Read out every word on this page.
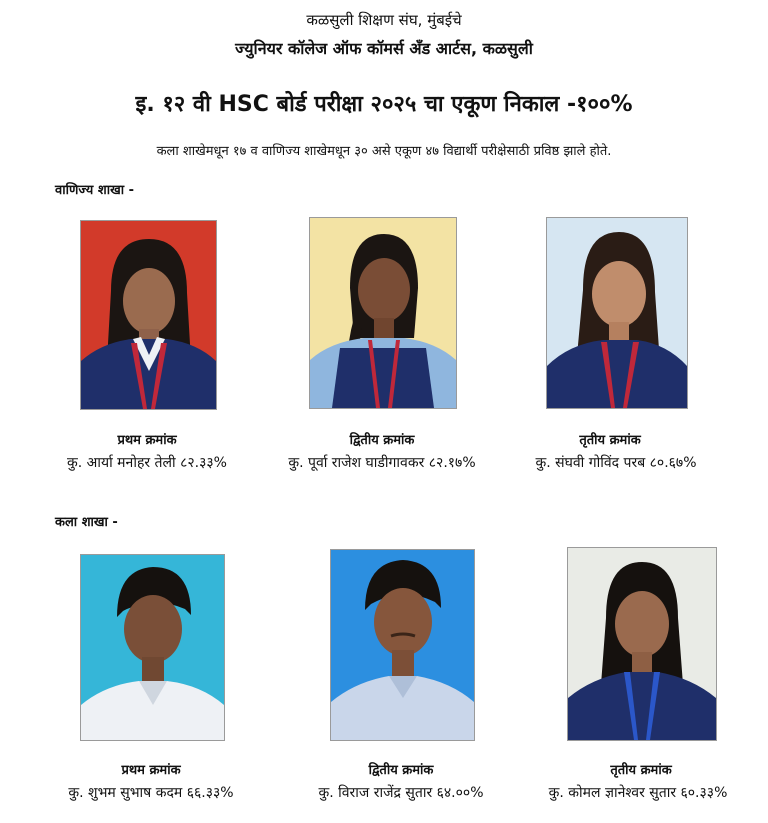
कळसुली शिक्षण संघ, मुंबईचे
ज्युनियर कॉलेज ऑफ कॉमर्स अँड आर्टस, कळसुली
इ. १२ वी HSC बोर्ड परीक्षा २०२५ चा एकूण निकाल -१००%
कला शाखेमधून १७ व वाणिज्य शाखेमधून ३० असे एकूण ४७ विद्यार्थी परीक्षेसाठी प्रविष्ठ झाले होते.
वाणिज्य शाखा -
प्रथम क्रमांक
कु. आर्या मनोहर तेली ८२.३३%
द्वितीय क्रमांक
कु. पूर्वा राजेश घाडीगावकर ८२.१७%
तृतीय क्रमांक
कु. संघवी गोविंद परब ८०.६७%
कला शाखा -
प्रथम क्रमांक
कु. शुभम सुभाष कदम ६६.३३%
द्वितीय क्रमांक
कु. विराज राजेंद्र सुतार ६४.००%
तृतीय क्रमांक
कु. कोमल ज्ञानेश्वर सुतार ६०.३३%
